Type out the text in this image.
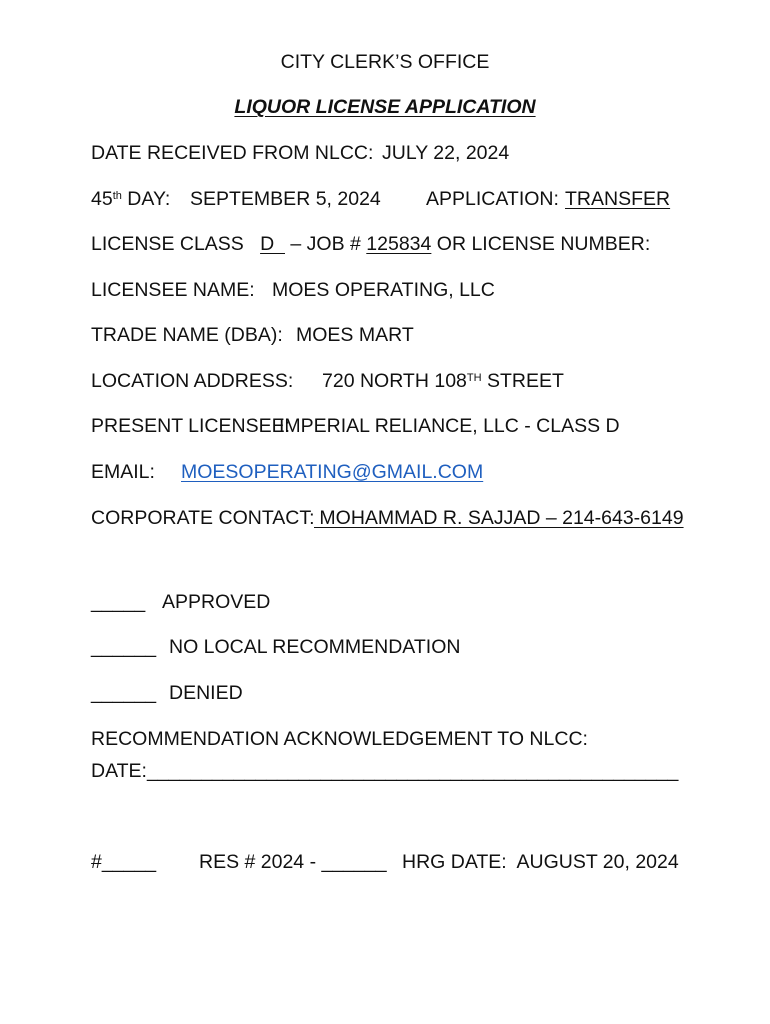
CITY CLERK’S OFFICE
LIQUOR LICENSE APPLICATION
DATE RECEIVED FROM NLCC: JULY 22, 2024
45th DAY: SEPTEMBER 5, 2024 APPLICATION: TRANSFER
LICENSE CLASS D   – JOB # 125834 OR LICENSE NUMBER:
LICENSEE NAME: MOES OPERATING, LLC
TRADE NAME (DBA): MOES MART
LOCATION ADDRESS: 720 NORTH 108TH STREET
PRESENT LICENSEE:
IMPERIAL RELIANCE, LLC - CLASS D
EMAIL: MOESOPERATING@GMAIL.COM
CORPORATE CONTACT: MOHAMMAD R. SAJJAD – 214-643-6149
_____ APPROVED
______ NO LOCAL RECOMMENDATION
______ DENIED
RECOMMENDATION ACKNOWLEDGEMENT TO NLCC:
DATE:_________________________________________________
#_____ RES # 2024 - ______ HRG DATE:  AUGUST 20, 2024
